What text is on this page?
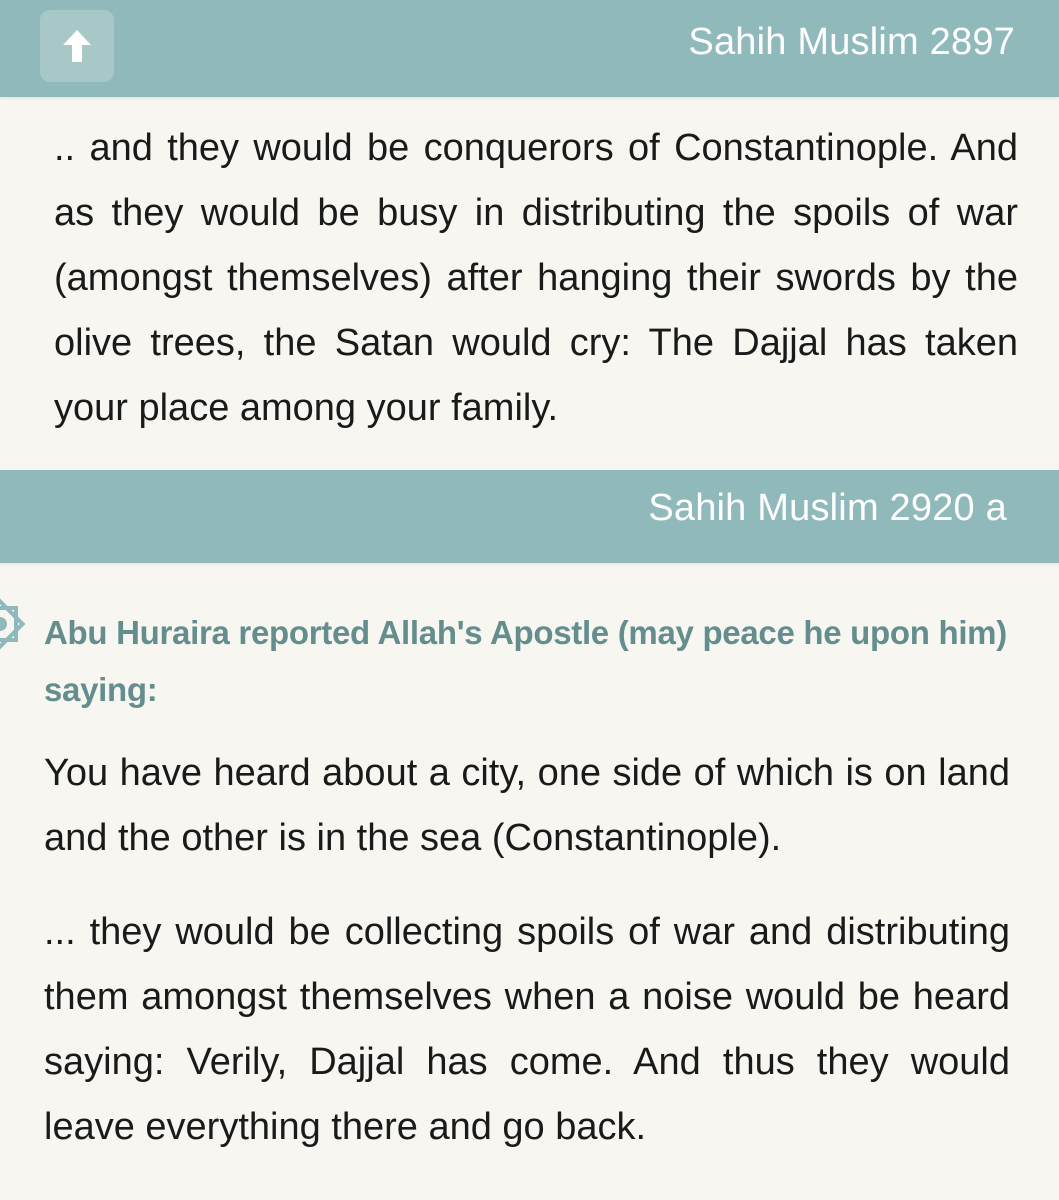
Sahih Muslim 2897

.. and they would be conquerors of Constantinople. And as they would be busy in distributing the spoils of war (amongst themselves) after hanging their swords by the olive trees, the Satan would cry: The Dajjal has taken your place among your family.

Sahih Muslim 2920 a

Abu Huraira reported Allah's Apostle (may peace he upon him) saying:

You have heard about a city, one side of which is on land and the other is in the sea (Constantinople).

... they would be collecting spoils of war and distributing them amongst themselves when a noise would be heard saying: Verily, Dajjal has come. And thus they would leave everything there and go back.
